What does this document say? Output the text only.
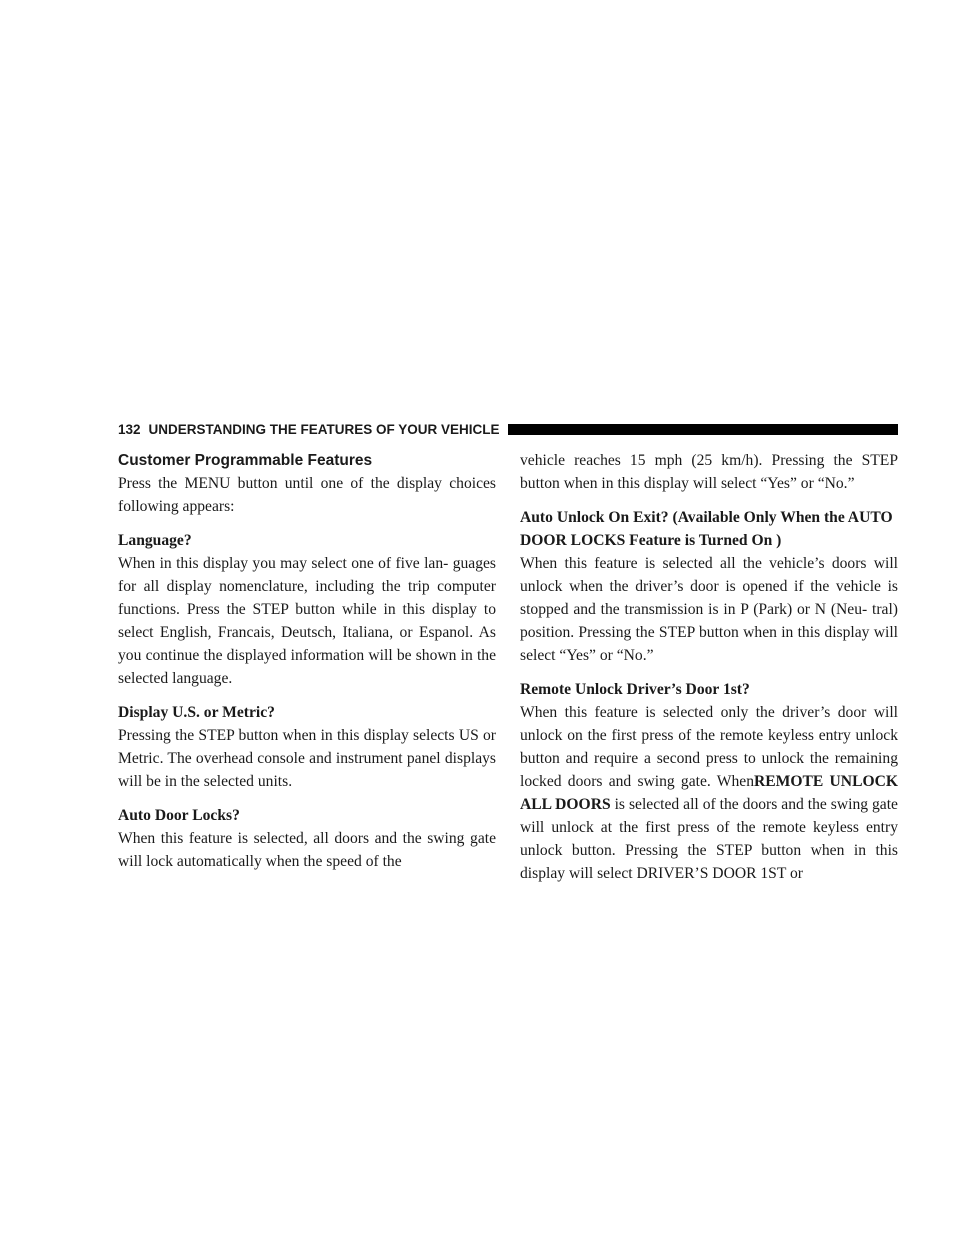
132 UNDERSTANDING THE FEATURES OF YOUR VEHICLE
Customer Programmable Features

Press the MENU button until one of the display choices following appears:

Language?

When in this display you may select one of five lan- guages for all display nomenclature, including the trip computer functions. Press the STEP button while in this display to select English, Francais, Deutsch, Italiana, or Espanol. As you continue the displayed information will be shown in the selected language.

Display U.S. or Metric?

Pressing the STEP button when in this display selects US or Metric. The overhead console and instrument panel displays will be in the selected units.

Auto Door Locks?

When this feature is selected, all doors and the swing gate will lock automatically when the speed of the

vehicle reaches 15 mph (25 km/h). Pressing the STEP button when in this display will select “Yes” or “No.”

Auto Unlock On Exit? (Available Only When the AUTO DOOR LOCKS Feature is Turned On )

When this feature is selected all the vehicle’s doors will unlock when the driver’s door is opened if the vehicle is stopped and the transmission is in P (Park) or N (Neu- tral) position. Pressing the STEP button when in this display will select “Yes” or “No.”

Remote Unlock Driver’s Door 1st?

When this feature is selected only the driver’s door will unlock on the first press of the remote keyless entry unlock button and require a second press to unlock the remaining locked doors and swing gate. WhenREMOTE UNLOCK ALL DOORS is selected all of the doors and the swing gate will unlock at the first press of the remote keyless entry unlock button. Pressing the STEP button when in this display will select DRIVER’S DOOR 1ST or
